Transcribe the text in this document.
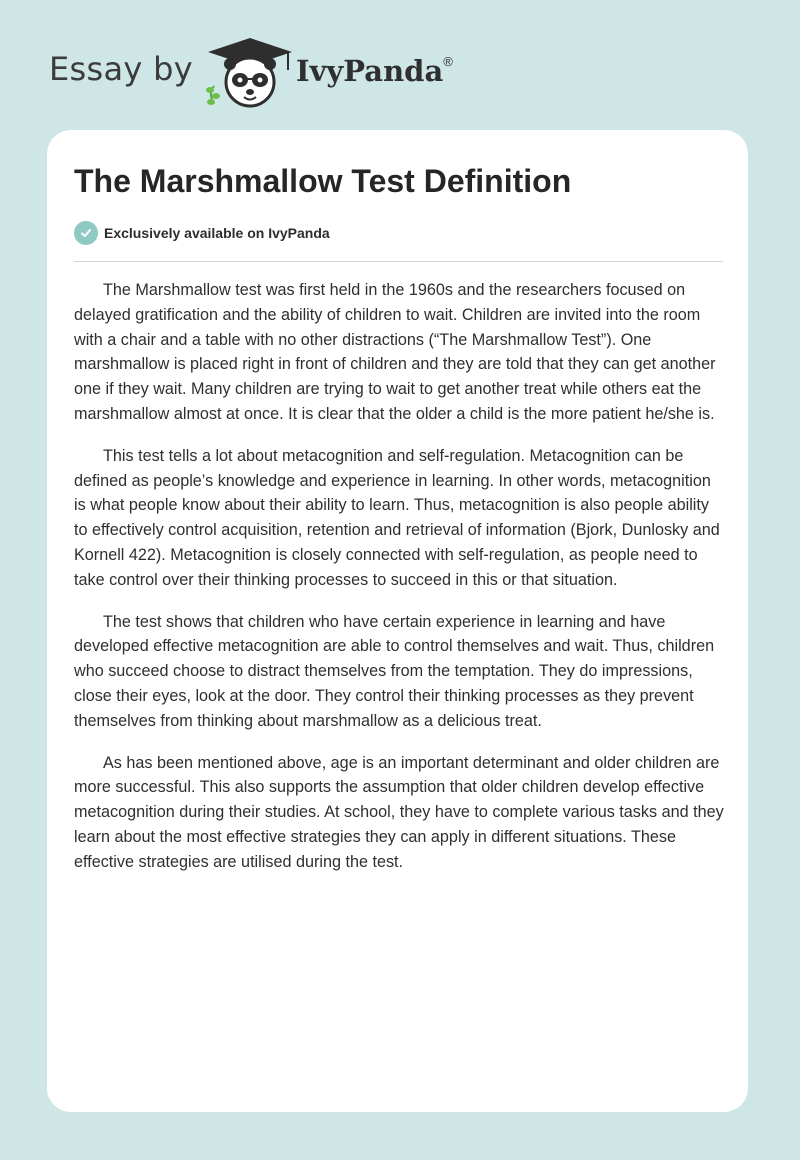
Essay by	IvyPanda®
The Marshmallow Test Definition
Exclusively available on IvyPanda

The Marshmallow test was first held in the 1960s and the researchers focused on delayed gratification and the ability of children to wait. Children are invited into the room with a chair and a table with no other distractions (“The Marshmallow Test”). One marshmallow is placed right in front of children and they are told that they can get another one if they wait. Many children are trying to wait to get another treat while others eat the marshmallow almost at once. It is clear that the older a child is the more patient he/she is.

This test tells a lot about metacognition and self-regulation. Metacognition can be defined as people’s knowledge and experience in learning. In other words, metacognition is what people know about their ability to learn. Thus, metacognition is also people ability to effectively control acquisition, retention and retrieval of information (Bjork, Dunlosky and Kornell 422). Metacognition is closely connected with self-regulation, as people need to take control over their thinking processes to succeed in this or that situation.

The test shows that children who have certain experience in learning and have developed effective metacognition are able to control themselves and wait. Thus, children who succeed choose to distract themselves from the temptation. They do impressions, close their eyes, look at the door. They control their thinking processes as they prevent themselves from thinking about marshmallow as a delicious treat.

As has been mentioned above, age is an important determinant and older children are more successful. This also supports the assumption that older children develop effective metacognition during their studies. At school, they have to complete various tasks and they learn about the most effective strategies they can apply in different situations. These effective strategies are utilised during the test.
